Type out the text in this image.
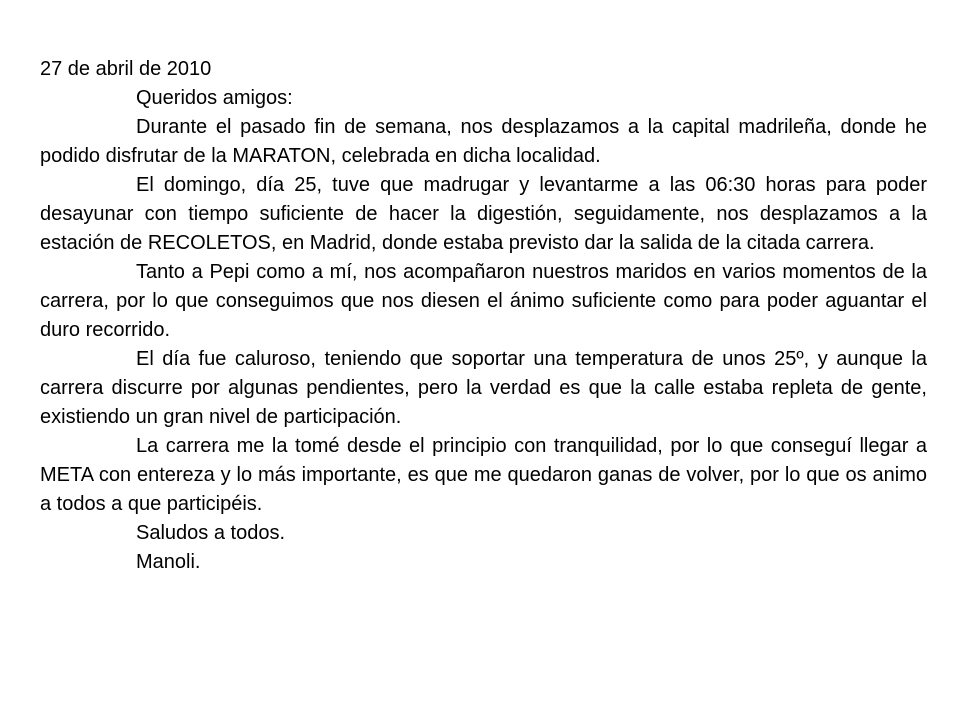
27 de abril de 2010
Queridos amigos:

Durante el pasado fin de semana, nos desplazamos a la capital madrileña, donde he podido disfrutar de la MARATON, celebrada en dicha localidad.

El domingo, día 25, tuve que madrugar y levantarme a las 06:30 horas para poder desayunar con tiempo suficiente de hacer la digestión, seguidamente, nos desplazamos a la estación de RECOLETOS, en Madrid, donde estaba previsto dar la salida de la citada carrera.

Tanto a Pepi como a mí, nos acompañaron nuestros maridos en varios momentos de la carrera, por lo que conseguimos que nos diesen el ánimo suficiente como para poder aguantar el duro recorrido.

El día fue caluroso, teniendo que soportar una temperatura de unos 25º, y aunque la carrera discurre por algunas pendientes, pero la verdad es que la calle estaba repleta de gente, existiendo un gran nivel de participación.

La carrera me la tomé desde el principio con tranquilidad, por lo que conseguí llegar a META con entereza y lo más importante, es que me quedaron ganas de volver, por lo que os animo a todos a que participéis.

Saludos a todos.
Manoli.
